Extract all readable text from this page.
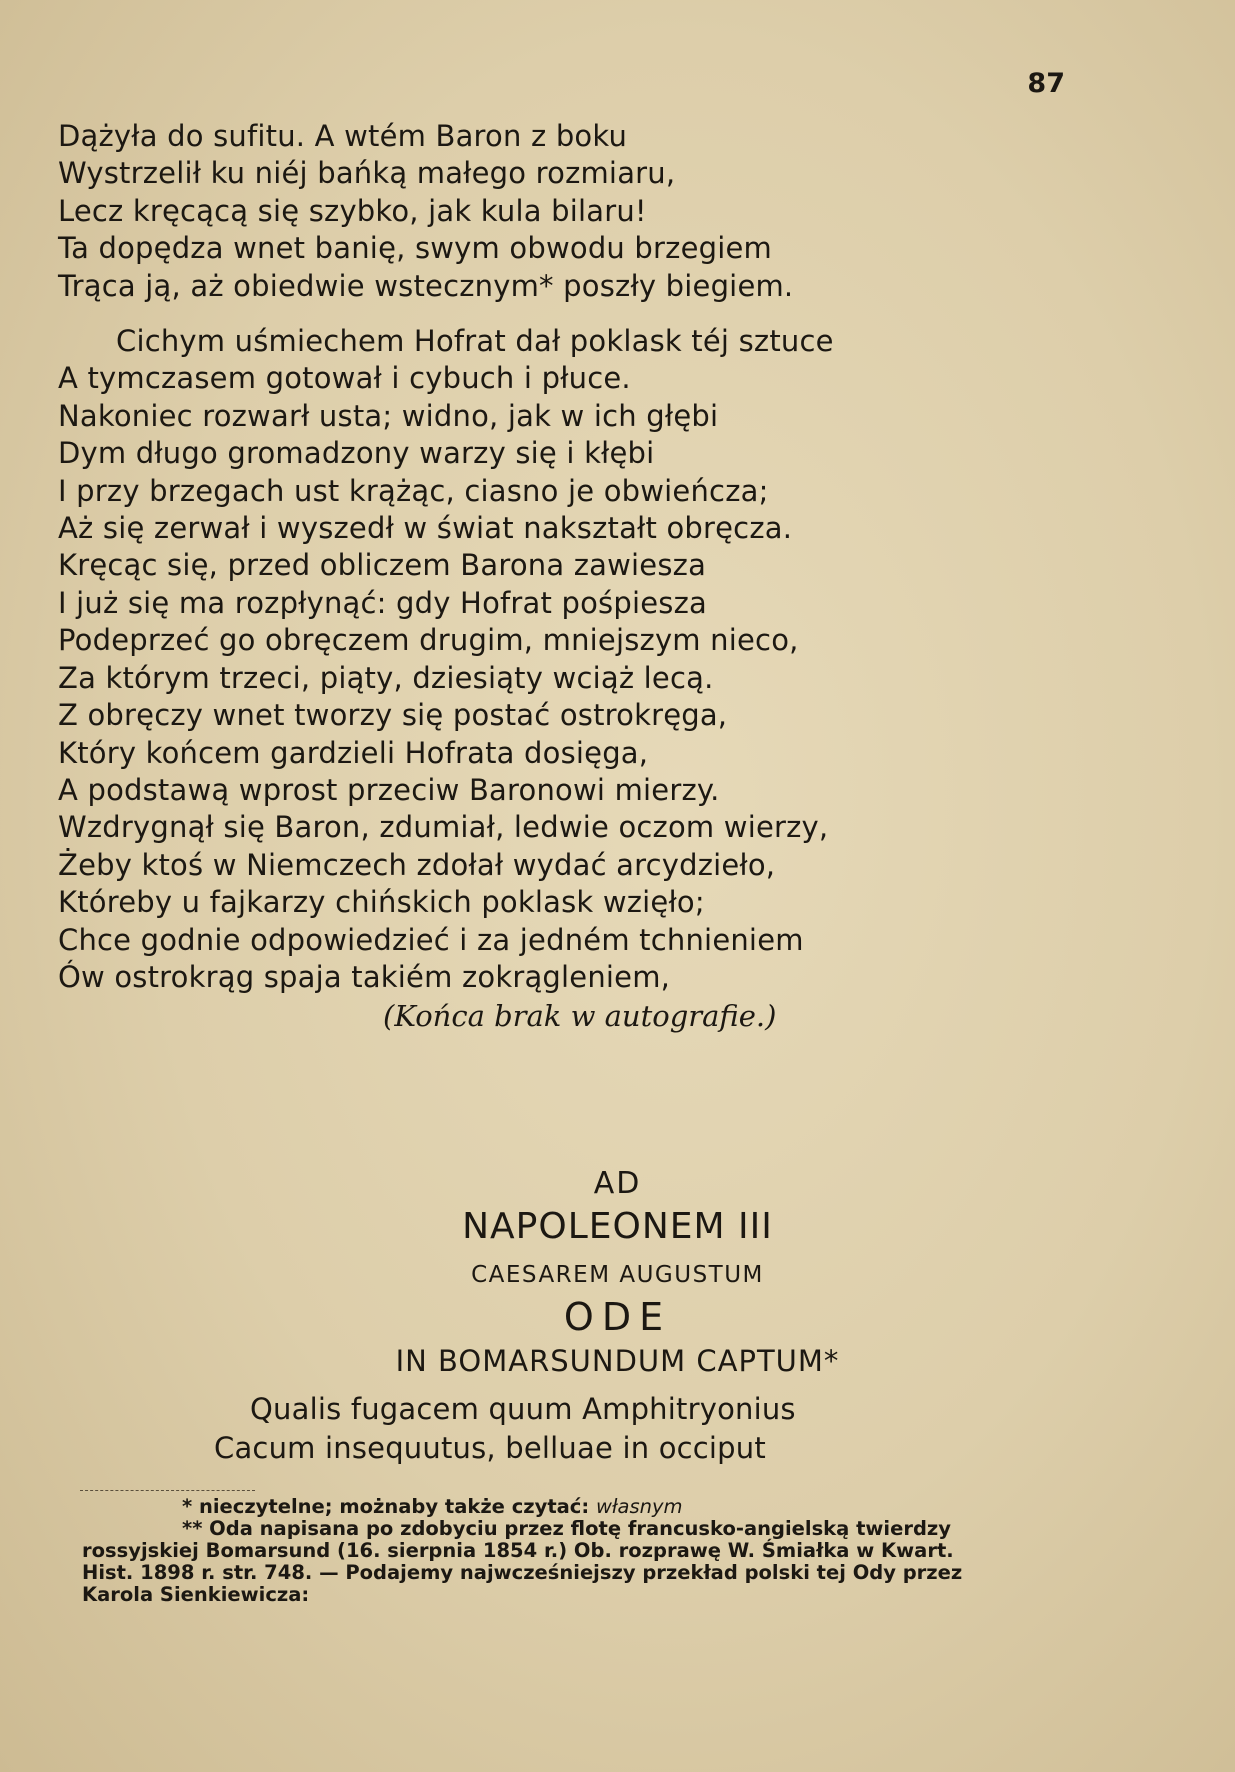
87
Dążyła do sufitu. A wtém Baron z boku
Wystrzelił ku niéj bańką małego rozmiaru,
Lecz kręcącą się szybko, jak kula bilaru!
Ta dopędza wnet banię, swym obwodu brzegiem
Trąca ją, aż obiedwie wstecznym* poszły biegiem.
Cichym uśmiechem Hofrat dał poklask téj sztuce
A tymczasem gotował i cybuch i płuce.
Nakoniec rozwarł usta; widno, jak w ich głębi
Dym długo gromadzony warzy się i kłębi
I przy brzegach ust krążąc, ciasno je obwieńcza;
Aż się zerwał i wyszedł w świat nakształt obręcza.
Kręcąc się, przed obliczem Barona zawiesza
I już się ma rozpłynąć: gdy Hofrat pośpiesza
Podeprzeć go obręczem drugim, mniejszym nieco,
Za którym trzeci, piąty, dziesiąty wciąż lecą.
Z obręczy wnet tworzy się postać ostrokręga,
Który końcem gardzieli Hofrata dosięga,
A podstawą wprost przeciw Baronowi mierzy.
Wzdrygnął się Baron, zdumiał, ledwie oczom wierzy,
Żeby ktoś w Niemczech zdołał wydać arcydzieło,
Któreby u fajkarzy chińskich poklask wzięło;
Chce godnie odpowiedzieć i za jedném tchnieniem
Ów ostrokrąg spaja takiém zokrągleniem,
(Końca brak w autografie.)
AD
NAPOLEONEM III
CAESAREM AUGUSTUM
ODE
IN BOMARSUNDUM CAPTUM*
Qualis fugacem quum Amphitryonius
Cacum insequutus, belluae in occiput
* nieczytelne; możnaby także czytać: własnym
** Oda napisana po zdobyciu przez flotę francusko-angielską twierdzy
rossyjskiej Bomarsund (16. sierpnia 1854 r.) Ob. rozprawę W. Śmiałka w Kwart.
Hist. 1898 r. str. 748. — Podajemy najwcześniejszy przekład polski tej Ody przez
Karola Sienkiewicza:
